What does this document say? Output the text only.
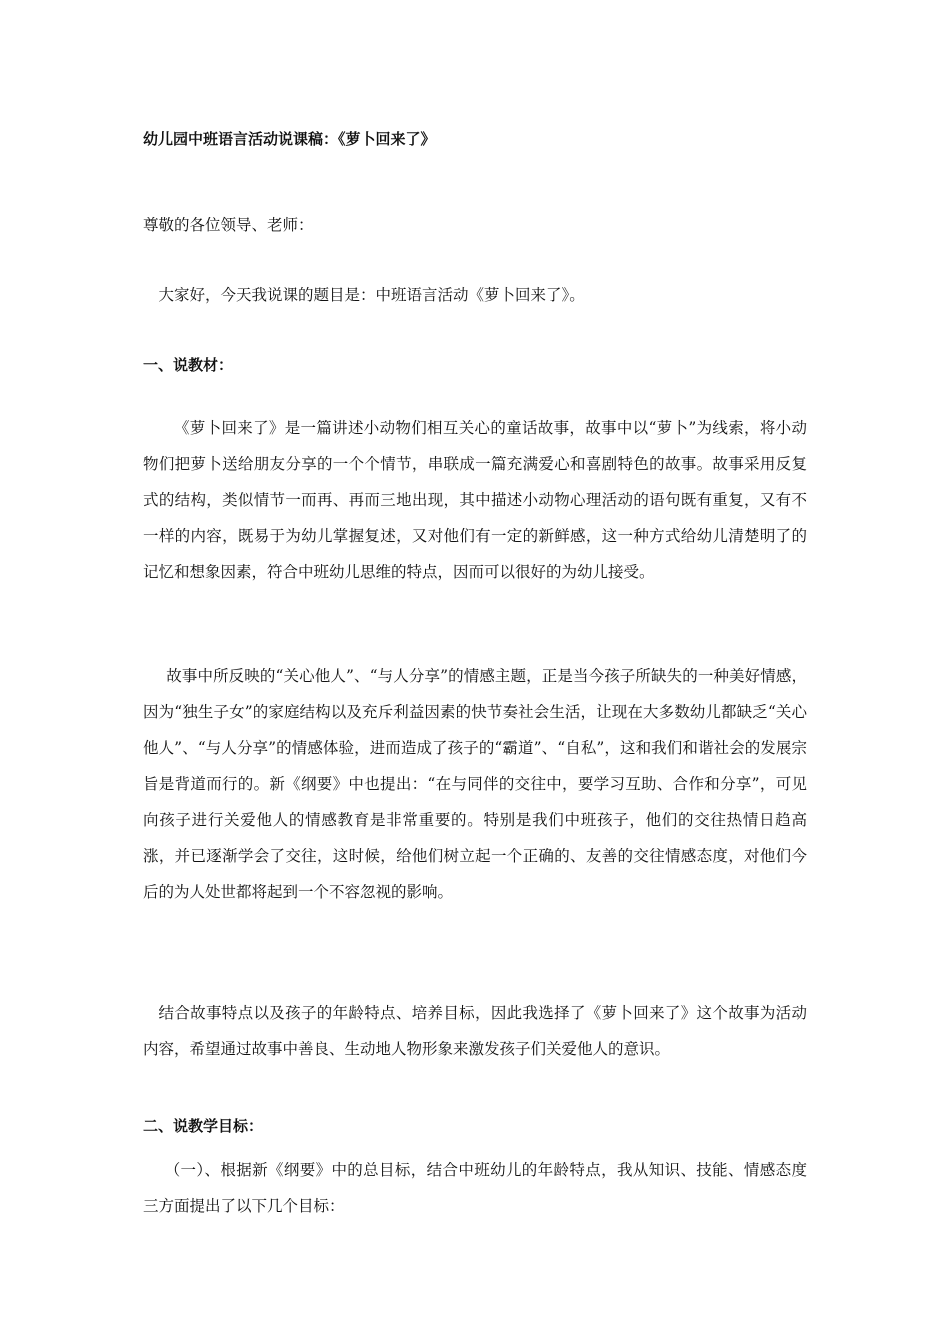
幼儿园中班语言活动说课稿：《萝卜回来了》

尊敬的各位领导、老师：

大家好，今天我说课的题目是：中班语言活动《萝卜回来了》。

一、说教材：

《萝卜回来了》是一篇讲述小动物们相互关心的童话故事，故事中以“萝卜”为线索，将小动物们把萝卜送给朋友分享的一个个情节，串联成一篇充满爱心和喜剧特色的故事。故事采用反复式的结构，类似情节一而再、再而三地出现，其中描述小动物心理活动的语句既有重复，又有不一样的内容，既易于为幼儿掌握复述，又对他们有一定的新鲜感，这一种方式给幼儿清楚明了的记忆和想象因素，符合中班幼儿思维的特点，因而可以很好的为幼儿接受。

故事中所反映的“关心他人”、“与人分享”的情感主题，正是当今孩子所缺失的一种美好情感，因为“独生子女”的家庭结构以及充斥利益因素的快节奏社会生活，让现在大多数幼儿都缺乏“关心他人”、“与人分享”的情感体验，进而造成了孩子的“霸道”、“自私”，这和我们和谐社会的发展宗旨是背道而行的。新《纲要》中也提出：“在与同伴的交往中，要学习互助、合作和分享”，可见向孩子进行关爱他人的情感教育是非常重要的。特别是我们中班孩子，他们的交往热情日趋高涨，并已逐渐学会了交往，这时候，给他们树立起一个正确的、友善的交往情感态度，对他们今后的为人处世都将起到一个不容忽视的影响。

结合故事特点以及孩子的年龄特点、培养目标，因此我选择了《萝卜回来了》这个故事为活动内容，希望通过故事中善良、生动地人物形象来激发孩子们关爱他人的意识。

二、说教学目标：

（一）、根据新《纲要》中的总目标，结合中班幼儿的年龄特点，我从知识、技能、情感态度三方面提出了以下几个目标：
